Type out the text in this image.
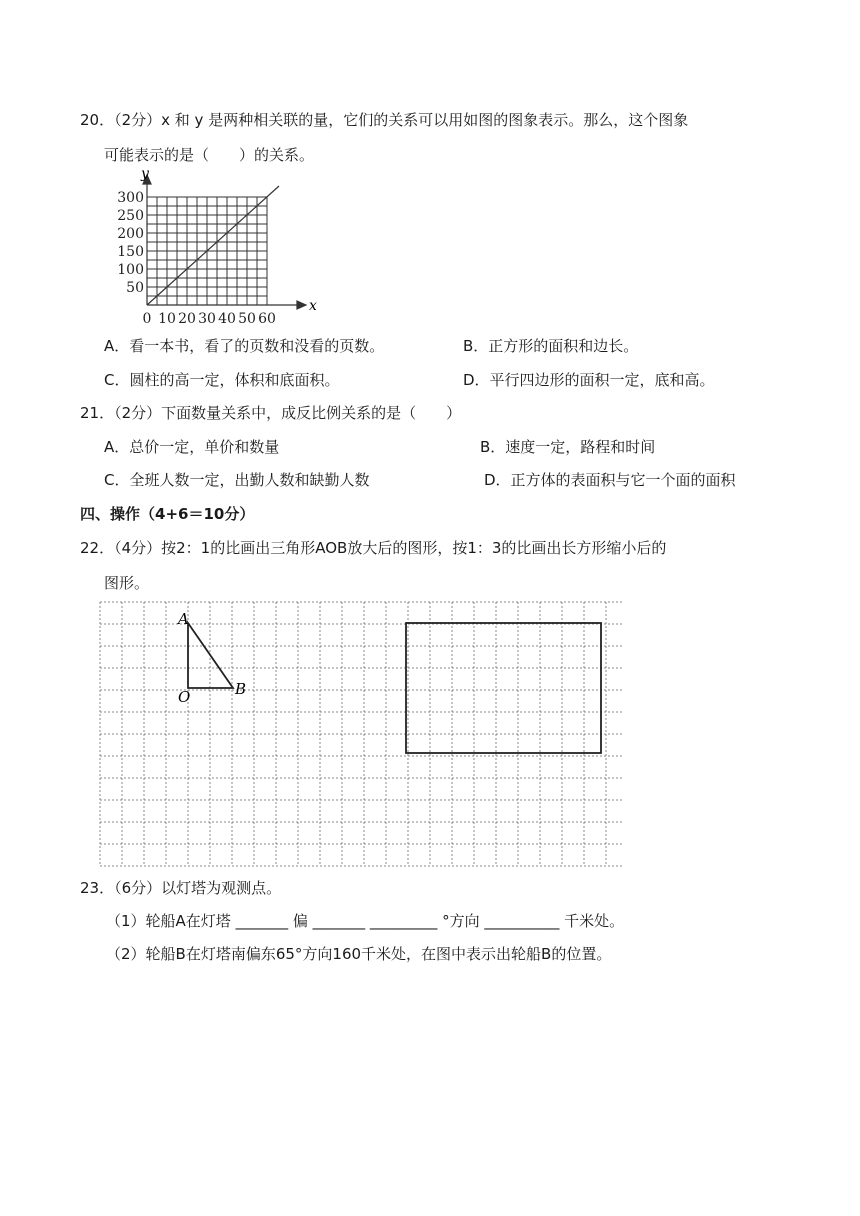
20．（2分）x 和 y 是两种相关联的量，它们的关系可以用如图的图象表示。那么，这个图象
可能表示的是（　　）的关系。
300
250
200
150
100
50
0 10 20 30 40 50 60
y
x
A．看一本书，看了的页数和没看的页数。	B．正方形的面积和边长。
C．圆柱的高一定，体积和底面积。	D．平行四边形的面积一定，底和高。
21．（2分）下面数量关系中，成反比例关系的是（　　）
A．总价一定，单价和数量	B．速度一定，路程和时间
C．全班人数一定，出勤人数和缺勤人数	D．正方体的表面积与它一个面的面积
四、操作（4+6＝10分）
22．（4分）按2：1的比画出三角形AOB放大后的图形，按1：3的比画出长方形缩小后的
图形。
A
O	B
23．（6分）以灯塔为观测点。
（1）轮船A在灯塔 _______ 偏 _______ _________ °方向 __________ 千米处。
（2）轮船B在灯塔南偏东65°方向160千米处，在图中表示出轮船B的位置。
